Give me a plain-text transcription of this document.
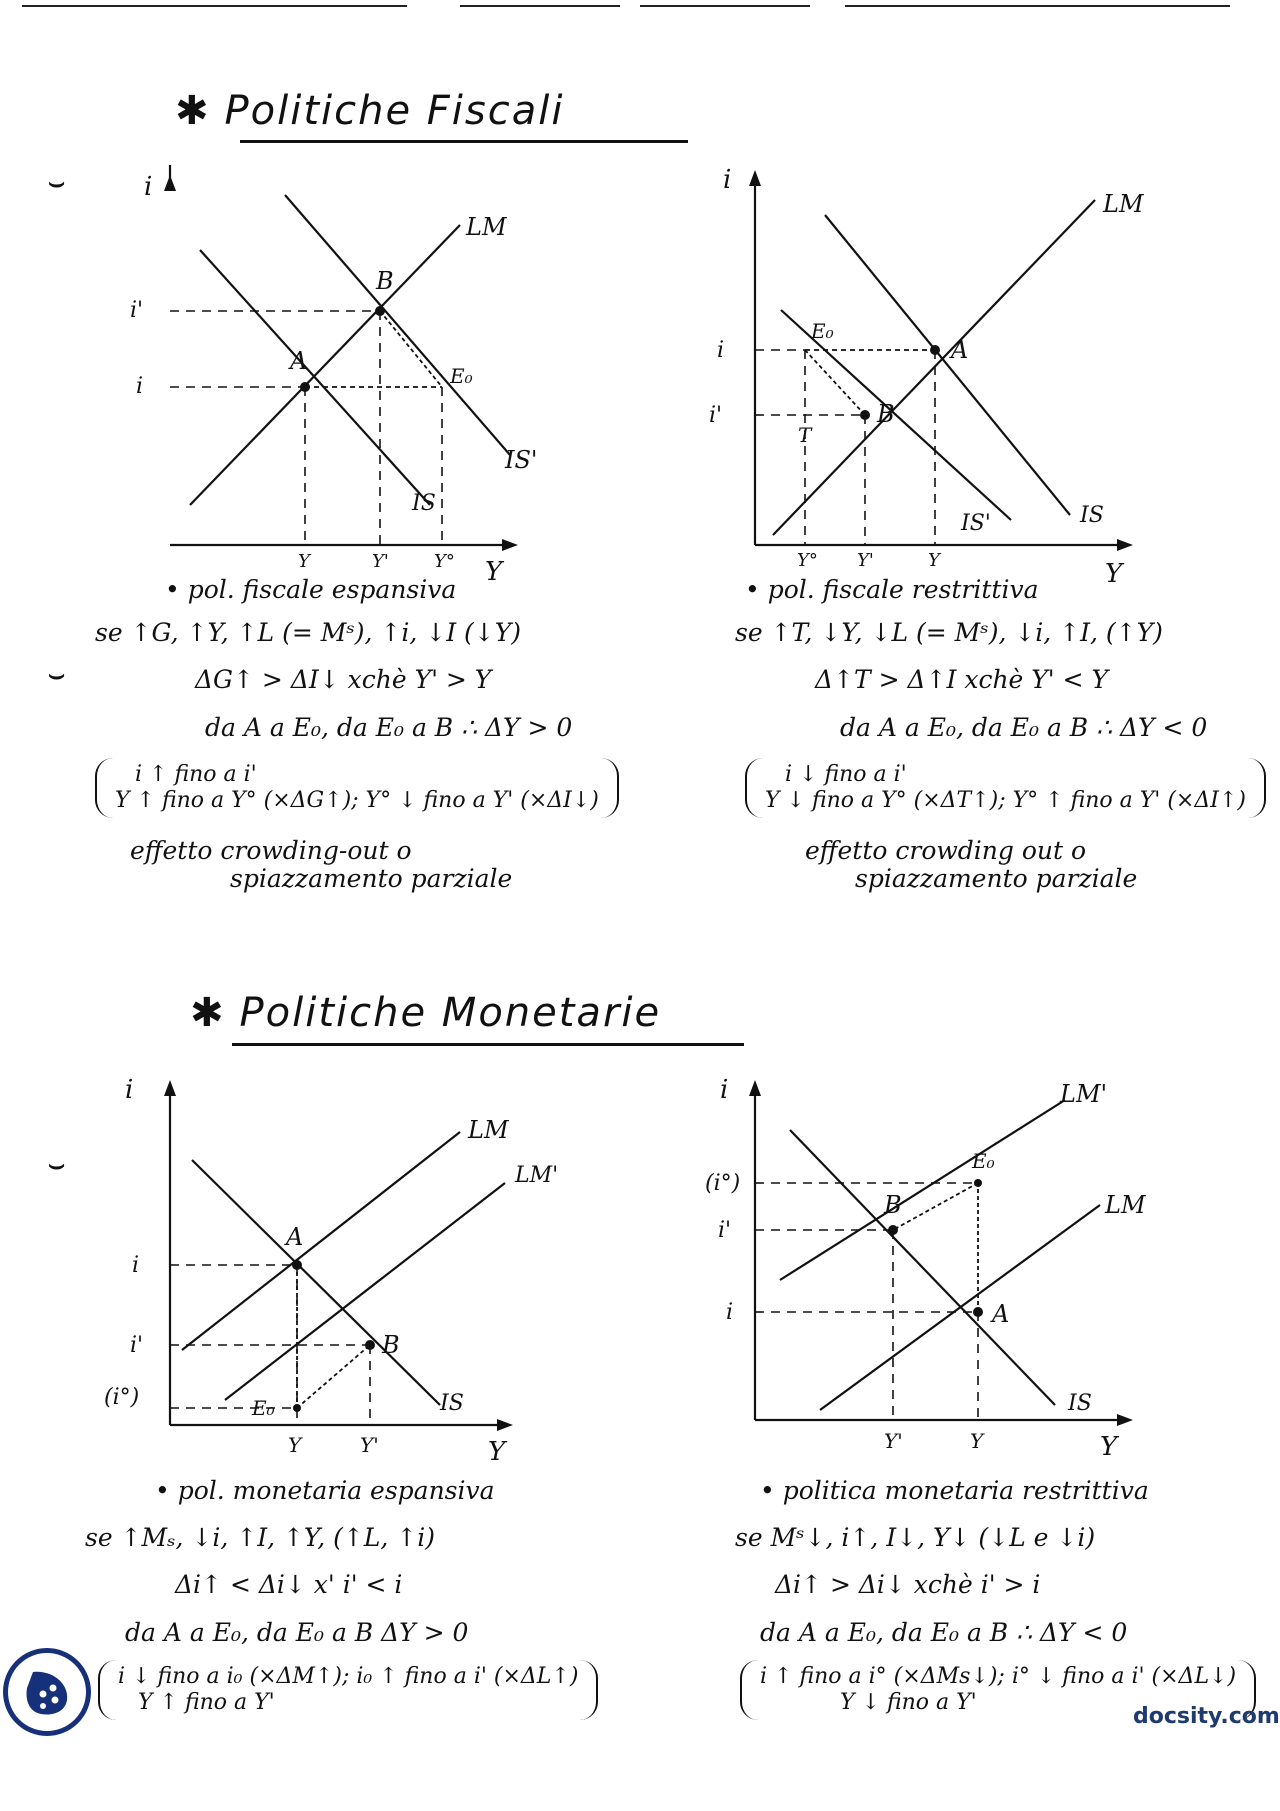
✱ Politiche Fiscali
⌣
⌣
⌣
i
Y
LM
IS'
IS
A
B
E₀
i'
i
Y	Y'	Y°
i
Y
LM
IS
IS'
A
B
E₀
T
i
i'
Y° Y'	Y
• pol. fiscale espansiva
se ↑G, ↑Y, ↑L (= Mˢ), ↑i, ↓I (↓Y)
ΔG↑ > ΔI↓ xchè Y' > Y
da A a E₀, da E₀ a B ∴ ΔY > 0
effetto crowding-out o
spiazzamento parziale
i ↑ fino a i'
Y ↑ fino a Y° (×ΔG↑); Y° ↓ fino a Y' (×ΔI↓)
• pol. fiscale restrittiva
se ↑T, ↓Y, ↓L (= Mˢ), ↓i, ↑I, (↑Y)
Δ↑T > Δ↑I xchè Y' < Y
da A a E₀, da E₀ a B ∴ ΔY < 0
effetto crowding out o
spiazzamento parziale
i ↓ fino a i'
Y ↓ fino a Y° (×ΔT↑); Y° ↑ fino a Y' (×ΔI↑)
✱ Politiche Monetarie
i
Y
LM
LM'
IS
A
B
E₀
i
i'
(i°)
Y	Y'
i
Y
LM'
LM
IS
A
B
E₀
(i°)
i'
i
Y'	Y
• pol. monetaria espansiva
se ↑Mₛ, ↓i, ↑I, ↑Y, (↑L, ↑i)
Δi↑ < Δi↓ x' i' < i
da A a E₀, da E₀ a B ΔY > 0
i ↓ fino a i₀ (×ΔM↑); i₀ ↑ fino a i' (×ΔL↑)
Y ↑ fino a Y'
• politica monetaria restrittiva
se Mˢ↓, i↑, I↓, Y↓ (↓L e ↓i)
Δi↑ > Δi↓ xchè i' > i
da A a E₀, da E₀ a B ∴ ΔY < 0
i ↑ fino a i° (×ΔMs↓); i° ↓ fino a i' (×ΔL↓)
Y ↓ fino a Y'
docsity.com
